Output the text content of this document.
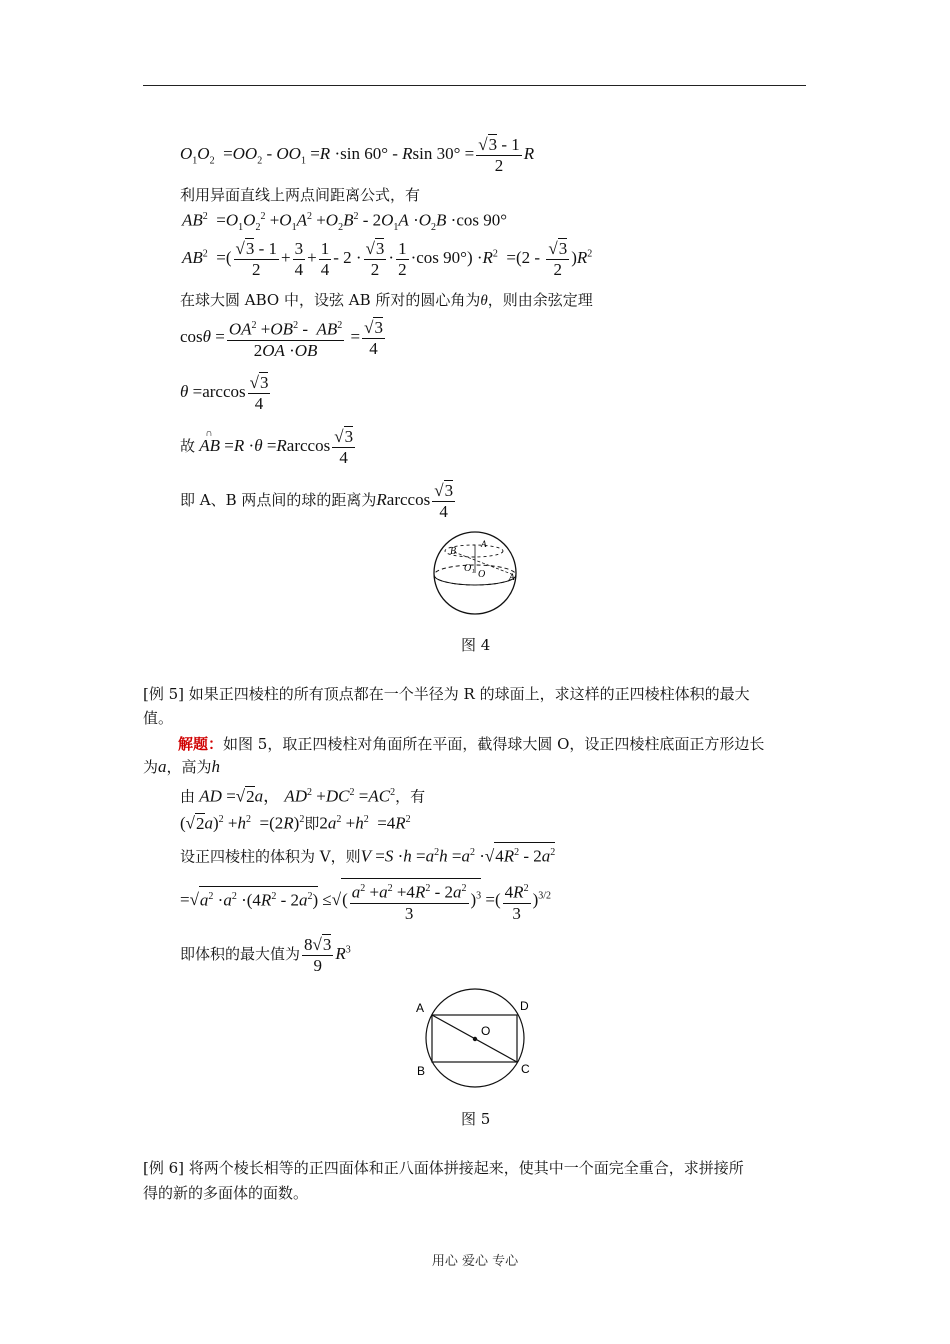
$O_1O_2 =OO_2 - OO_1 =R \cdot\sin$ 60° - Rsin $30^\circ = \frac{√3 - 1}{2}$ R
利用异面直线上两点间距离公式，有
$AB^2 =O_1O_2^2 +O_1A^2 +O_2B^2 - 2O_1A \cdot O_2B \cdot\cos$ 90°
$AB^2$  =( $\frac{√3 - 1}{2} + \frac{3}{4} + \frac{1}{4} - 2 \cdot \frac{√3}{2} \cdot \frac{1}{2} \cdot\cos$ $90^\circ) \cdot R^2 =(2 - \frac{√3}{2} )R^2$
在球大圆 ABO 中，设弦 AB 所对的圆心角为θ，则由余弦定理
$\cos\theta = \frac{OA^2 +OB^2 - AB^2}{2OA \cdot OB} = \frac{√3}{4}$
$\theta =\arccos \frac{√3}{4}$
故 AB
∩
$=R \cdot\theta =Rarccos \frac{√3}{4}$
即 A、B 两点间的球的距离为Rarccos $\frac{√3}{4}$
B
A
O₁
O	A
图 4
[例 5] 如果正四棱柱的所有顶点都在一个半径为 R 的球面上，求这样的正四棱柱体积的最大
值。
解题：如图 5，取正四棱柱对角面所在平面，截得球大圆 O，设正四棱柱底面正方形边长
为a，高为h
由 AD =√2a， $AD^2 +DC^2 =AC^2$，有
$(√2a)^2 +h^2 =(2R)^2$即$2a^2 +h^2 =4R^2$
设正四棱柱的体积为 V，则$V =S \cdot h =a^2h =a^2 \cdot√4R^2 - 2a^2$
$=√a^2 \cdot a^2 \cdot(4R^2 - 2a^2)$ ≤√( $\frac{a^2 +a^2 +4R^2 - 2a^2}{3} )^3$ =( $\frac{4R^2}{3} )^{3/2}$
即体积的最大值为 $\frac{8√3}{9} R^3$
A	D
O
B	C
图 5
[例 6] 将两个棱长相等的正四面体和正八面体拼接起来，使其中一个面完全重合，求拼接所
得的新的多面体的面数。
用心 爱心 专心
